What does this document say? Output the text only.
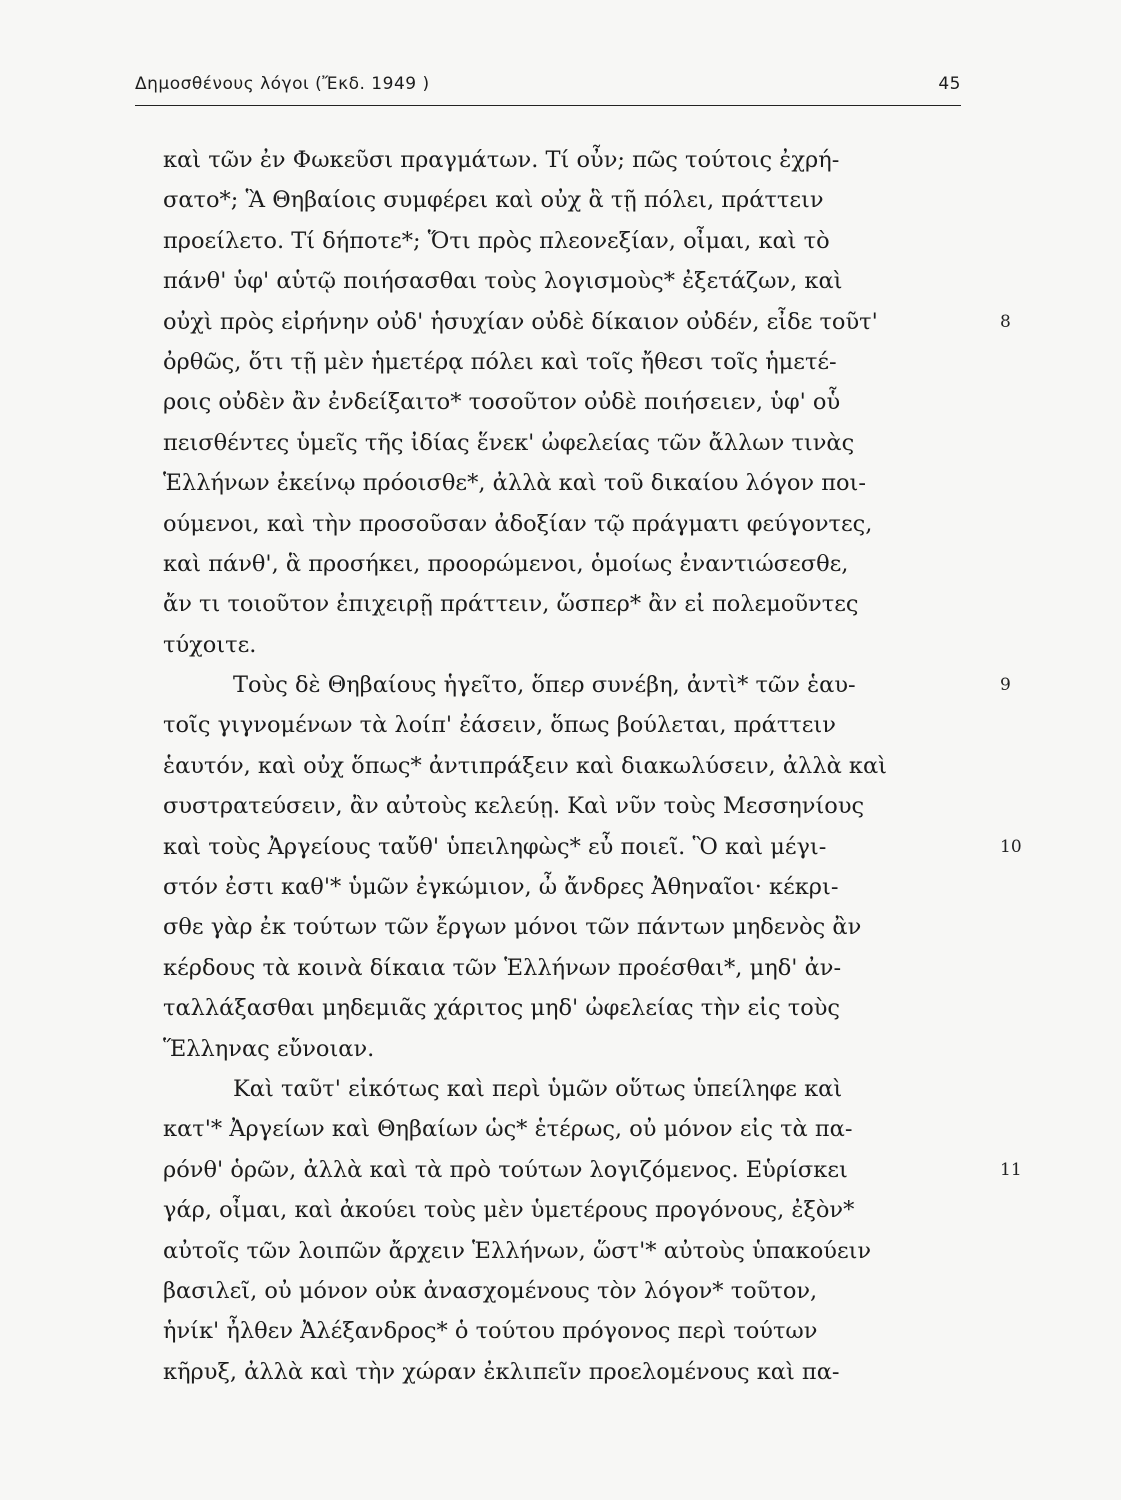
Δημοσθένους λόγοι (Ἔκδ. 1949 )	45
καὶ τῶν ἐν Φωκεῦσι πραγμάτων. Τί οὖν; πῶς τούτοις ἐχρή-
σατο*; Ἃ Θηβαίοις συμφέρει καὶ οὐχ ἃ τῇ πόλει, πράττειν
προείλετο. Τί δήποτε*; Ὅτι πρὸς πλεονεξίαν, οἶμαι, καὶ τὸ
πάνθ' ὑφ' αὑτῷ ποιήσασθαι τοὺς λογισμοὺς* ἐξετάζων, καὶ
οὐχὶ πρὸς εἰρήνην οὐδ' ἡσυχίαν οὐδὲ δίκαιον οὐδέν, εἶδε τοῦτ'	8
ὀρθῶς, ὅτι τῇ μὲν ἡμετέρᾳ πόλει καὶ τοῖς ἤθεσι τοῖς ἡμετέ-
ροις οὐδὲν ἂν ἐνδείξαιτο* τοσοῦτον οὐδὲ ποιήσειεν, ὑφ' οὗ
πεισθέντες ὑμεῖς τῆς ἰδίας ἕνεκ' ὠφελείας τῶν ἄλλων τινὰς
Ἑλλήνων ἐκείνῳ πρόοισθε*, ἀλλὰ καὶ τοῦ δικαίου λόγον ποι-
ούμενοι, καὶ τὴν προσοῦσαν ἀδοξίαν τῷ πράγματι φεύγοντες,
καὶ πάνθ', ἃ προσήκει, προορώμενοι, ὁμοίως ἐναντιώσεσθε,
ἄν τι τοιοῦτον ἐπιχειρῇ πράττειν, ὥσπερ* ἂν εἰ πολεμοῦντες
τύχοιτε.
Τοὺς δὲ Θηβαίους ἡγεῖτο, ὅπερ συνέβη, ἀντὶ* τῶν ἑαυ-	9
τοῖς γιγνομένων τὰ λοίπ' ἐάσειν, ὅπως βούλεται, πράττειν
ἑαυτόν, καὶ οὐχ ὅπως* ἀντιπράξειν καὶ διακωλύσειν, ἀλλὰ καὶ
συστρατεύσειν, ἂν αὐτοὺς κελεύῃ. Καὶ νῦν τοὺς Μεσσηνίους
καὶ τοὺς Ἀργείους ταὔθ' ὑπειληφὼς* εὖ ποιεῖ. Ὃ καὶ μέγι-	10
στόν ἐστι καθ'* ὑμῶν ἐγκώμιον, ὦ ἄνδρες Ἀθηναῖοι· κέκρι-
σθε γὰρ ἐκ τούτων τῶν ἔργων μόνοι τῶν πάντων μηδενὸς ἂν
κέρδους τὰ κοινὰ δίκαια τῶν Ἑλλήνων προέσθαι*, μηδ' ἀν-
ταλλάξασθαι μηδεμιᾶς χάριτος μηδ' ὠφελείας τὴν εἰς τοὺς
Ἕλληνας εὔνοιαν.
Καὶ ταῦτ' εἰκότως καὶ περὶ ὑμῶν οὕτως ὑπείληφε καὶ
κατ'* Ἀργείων καὶ Θηβαίων ὡς* ἑτέρως, οὐ μόνον εἰς τὰ πα-
ρόνθ' ὁρῶν, ἀλλὰ καὶ τὰ πρὸ τούτων λογιζόμενος. Εὑρίσκει	11
γάρ, οἶμαι, καὶ ἀκούει τοὺς μὲν ὑμετέρους προγόνους, ἐξὸν*
αὐτοῖς τῶν λοιπῶν ἄρχειν Ἑλλήνων, ὥστ'* αὐτοὺς ὑπακούειν
βασιλεῖ, οὐ μόνον οὐκ ἀνασχομένους τὸν λόγον* τοῦτον,
ἡνίκ' ἦλθεν Ἀλέξανδρος* ὁ τούτου πρόγονος περὶ τούτων
κῆρυξ, ἀλλὰ καὶ τὴν χώραν ἐκλιπεῖν προελομένους καὶ πα-
